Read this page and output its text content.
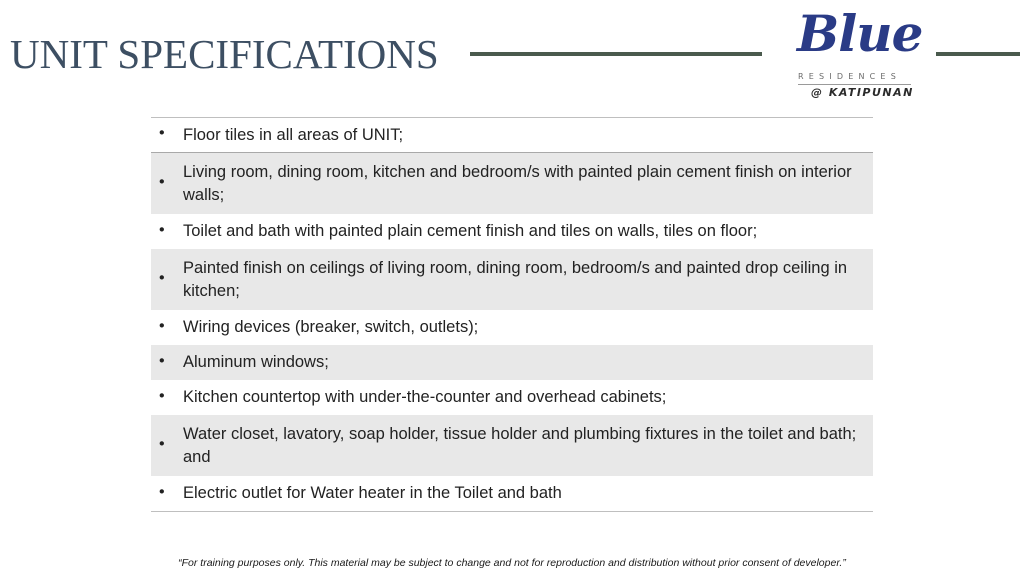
UNIT SPECIFICATIONS	Blue
RESIDENCES
@ KATIPUNAN
• Floor tiles in all areas of UNIT;
•
Living room, dining room, kitchen and bedroom/s with painted plain cement finish on interior walls;
• Toilet and bath with painted plain cement finish and tiles on walls, tiles on floor;
•
Painted finish on ceilings of living room, dining room, bedroom/s and painted drop ceiling in kitchen;
• Wiring devices (breaker, switch, outlets);
• Aluminum windows;
• Kitchen countertop with under-the-counter and overhead cabinets;
•
Water closet, lavatory, soap holder, tissue holder and plumbing fixtures in the toilet and bath; and
• Electric outlet for Water heater in the Toilet and bath
“For training purposes only. This material may be subject to change and not for reproduction and distribution without prior consent of developer.”
